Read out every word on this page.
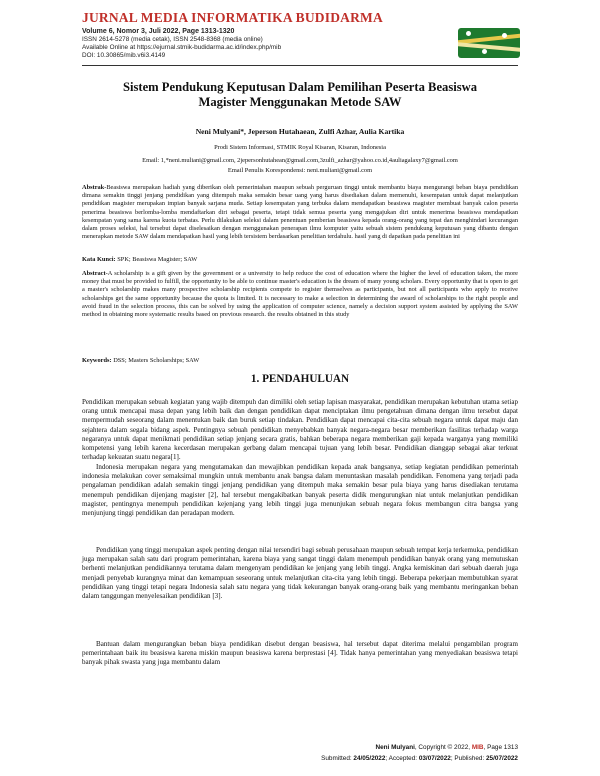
JURNAL MEDIA INFORMATIKA BUDIDARMA
Volume 6, Nomor 3, Juli 2022, Page 1313-1320
ISSN 2614-5278 (media cetak), ISSN 2548-8368 (media online)
Available Online at https://ejurnal.stmik-budidarma.ac.id/index.php/mib
DOI: 10.30865/mib.v6i3.4149
Sistem Pendukung Keputusan Dalam Pemilihan Peserta Beasiswa
Magister Menggunakan Metode SAW
Neni Mulyani*, Jeperson Hutahaean, Zulfi Azhar, Aulia Kartika
Prodi Sistem Informasi, STMIK Royal Kisaran, Kisaran, Indonesia
Email: 1,*neni.muliani@gmail.com, 2jepersonhutahean@gmail.com,3zulfi_azhar@yahoo.co.id,4auliagalaxy7@gmail.com
Email Penulis Korespondensi: neni.muliani@gmail.com
Abstrak-Beasiswa merupakan hadiah yang diberikan oleh pemerintahan maupun sebuah perguruan tinggi untuk membantu biaya mengurangi beban biaya pendidikan dimana semakin tinggi jenjang pendidikan yang ditempuh maka semakin besar uang yang harus disediakan dalam memenuhi, kesempatan untuk dapat melanjutkan pendidikan magister merupakan impian banyak sarjana muda. Setiap kesempatan yang terbuka dalam mendapatkan beasiswa magister membuat banyak calon peserta penerima beasiswa berlomba-lomba mendaftarkan diri sebagai peserta, tetapi tidak semua peserta yang mengajukan diri untuk menerima beasiswa mendapatkan kesempatan yang sama karena kuota terbatas. Perlu dilakukan seleksi dalam penentuan pemberian beasiswa kepada orang-orang yang tepat dan menghindari kecurangan dalam proses seleksi, hal tersebut dapat diselesaikan dengan menggunakan penerapan ilmu komputer yaitu sebuah sistem pendukung keputusan yang dibantu dengan menerapkan metode SAW dalam mendapatkan hasil yang lebih tersistem berdasarkan penelitian terdahulu. hasil yang di dapatkan pada penelitian ini
Kata Kunci: SPK; Beasiswa Magister; SAW
Abstract-A scholarship is a gift given by the government or a university to help reduce the cost of education where the higher the level of education taken, the more money that must be provided to fulfill, the opportunity to be able to continue master's education is the dream of many young scholars. Every opportunity that is open to get a master's scholarship makes many prospective scholarship recipients compete to register themselves as participants, but not all participants who apply to receive scholarships get the same opportunity because the quota is limited. It is necessary to make a selection in determining the award of scholarships to the right people and avoid fraud in the selection process, this can be solved by using the application of computer science, namely a decision support system assisted by applying the SAW method in obtaining more systematic results based on previous research. the results obtained in this study
Keywords: DSS; Masters Scholarships; SAW
1. PENDAHULUAN
Pendidikan merupakan sebuah kegiatan yang wajib ditempuh dan dimiliki oleh setiap lapisan masyarakat, pendidikan merupakan kebutuhan utama setiap orang untuk mencapai masa depan yang lebih baik dan dengan pendidikan dapat menciptakan ilmu pengetahuan dimana dengan ilmu tersebut dapat mempermudah seseorang dalam menentukan baik dan buruk setiap tindakan. Pendidikan dapat mencapai cita-cita sebuah negara untuk dapat maju dan sejahtera dalam segala bidang aspek. Pentingnya sebuah pendidikan menyebabkan banyak negara-negara besar memberikan fasilitas terhadap warga negaranya untuk dapat menikmati pendidikan setiap jenjang secara gratis, bahkan beberapa negara memberikan gaji kepada warganya yang memiliki kompetensi yang lebih karena kecerdasan merupakan gerbang dalam mencapai tujuan yang lebih besar. Pendidikan dianggap sebagai akar terkuat terhadap kekuatan suatu negara[1].
Indonesia merupakan negara yang mengutamakan dan mewajibkan pendidikan kepada anak bangsanya, setiap kegiatan pendidikan pemerintah indonesia melakukan cover semaksimal mungkin untuk membantu anak bangsa dalam menuntaskan masalah pendidikan. Fenomena yang terjadi pada pengalaman pendidikan adalah semakin tinggi jenjang pendidikan yang ditempuh maka semakin besar pula biaya yang harus disediakan terutama menempuh pendidikan dijenjang magister [2], hal tersebut mengakibatkan banyak peserta didik mengurungkan niat untuk melanjutkan pendidikan magister, pentingnya menempuh pendidikan kejenjang yang lebih tinggi juga menunjukan sebuah negara fokus membangun citra bangsa yang menjunjung tinggi pendidikan dan peradapan modern.
Pendidikan yang tinggi merupakan aspek penting dengan nilai tersendiri bagi sebuah perusahaan maupun sebuah tempat kerja terkemuka, pendidikan juga merupakan salah satu dari program pemerintahan, karena biaya yang sangat tinggi dalam menempuh pendidikan banyak orang yang memutuskan berhenti melanjutkan pendidikannya terutama dalam mengenyam pendidikan ke jenjang yang lebih tinggi. Angka kemiskinan dari sebuah daerah juga menjadi penyebab kurangnya minat dan kemampuan seseorang untuk melanjutkan cita-cita yang lebih tinggi. Beberapa pekerjaan membutuhkan syarat pendidikan yang tinggi tetapi negara Indonesia salah satu negara yang tidak kekurangan banyak orang-orang baik yang membantu meringankan beban dalam tanggungan menyelesaikan pendidikan [3].
Bantuan dalam mengurangkan beban biaya pendidikan disebut dengan beasiswa, hal tersebut dapat diterima melalui pengambilan program pemerintahaan baik itu beasiswa karena miskin maupun beasiswa karena berprestasi [4]. Tidak hanya pemerintahan yang menyediakan beasiswa tetapi banyak pihak swasta yang juga membantu dalam
Neni Mulyani, Copyright © 2022, MIB, Page 1313
Submitted: 24/05/2022; Accepted: 03/07/2022; Published: 25/07/2022
